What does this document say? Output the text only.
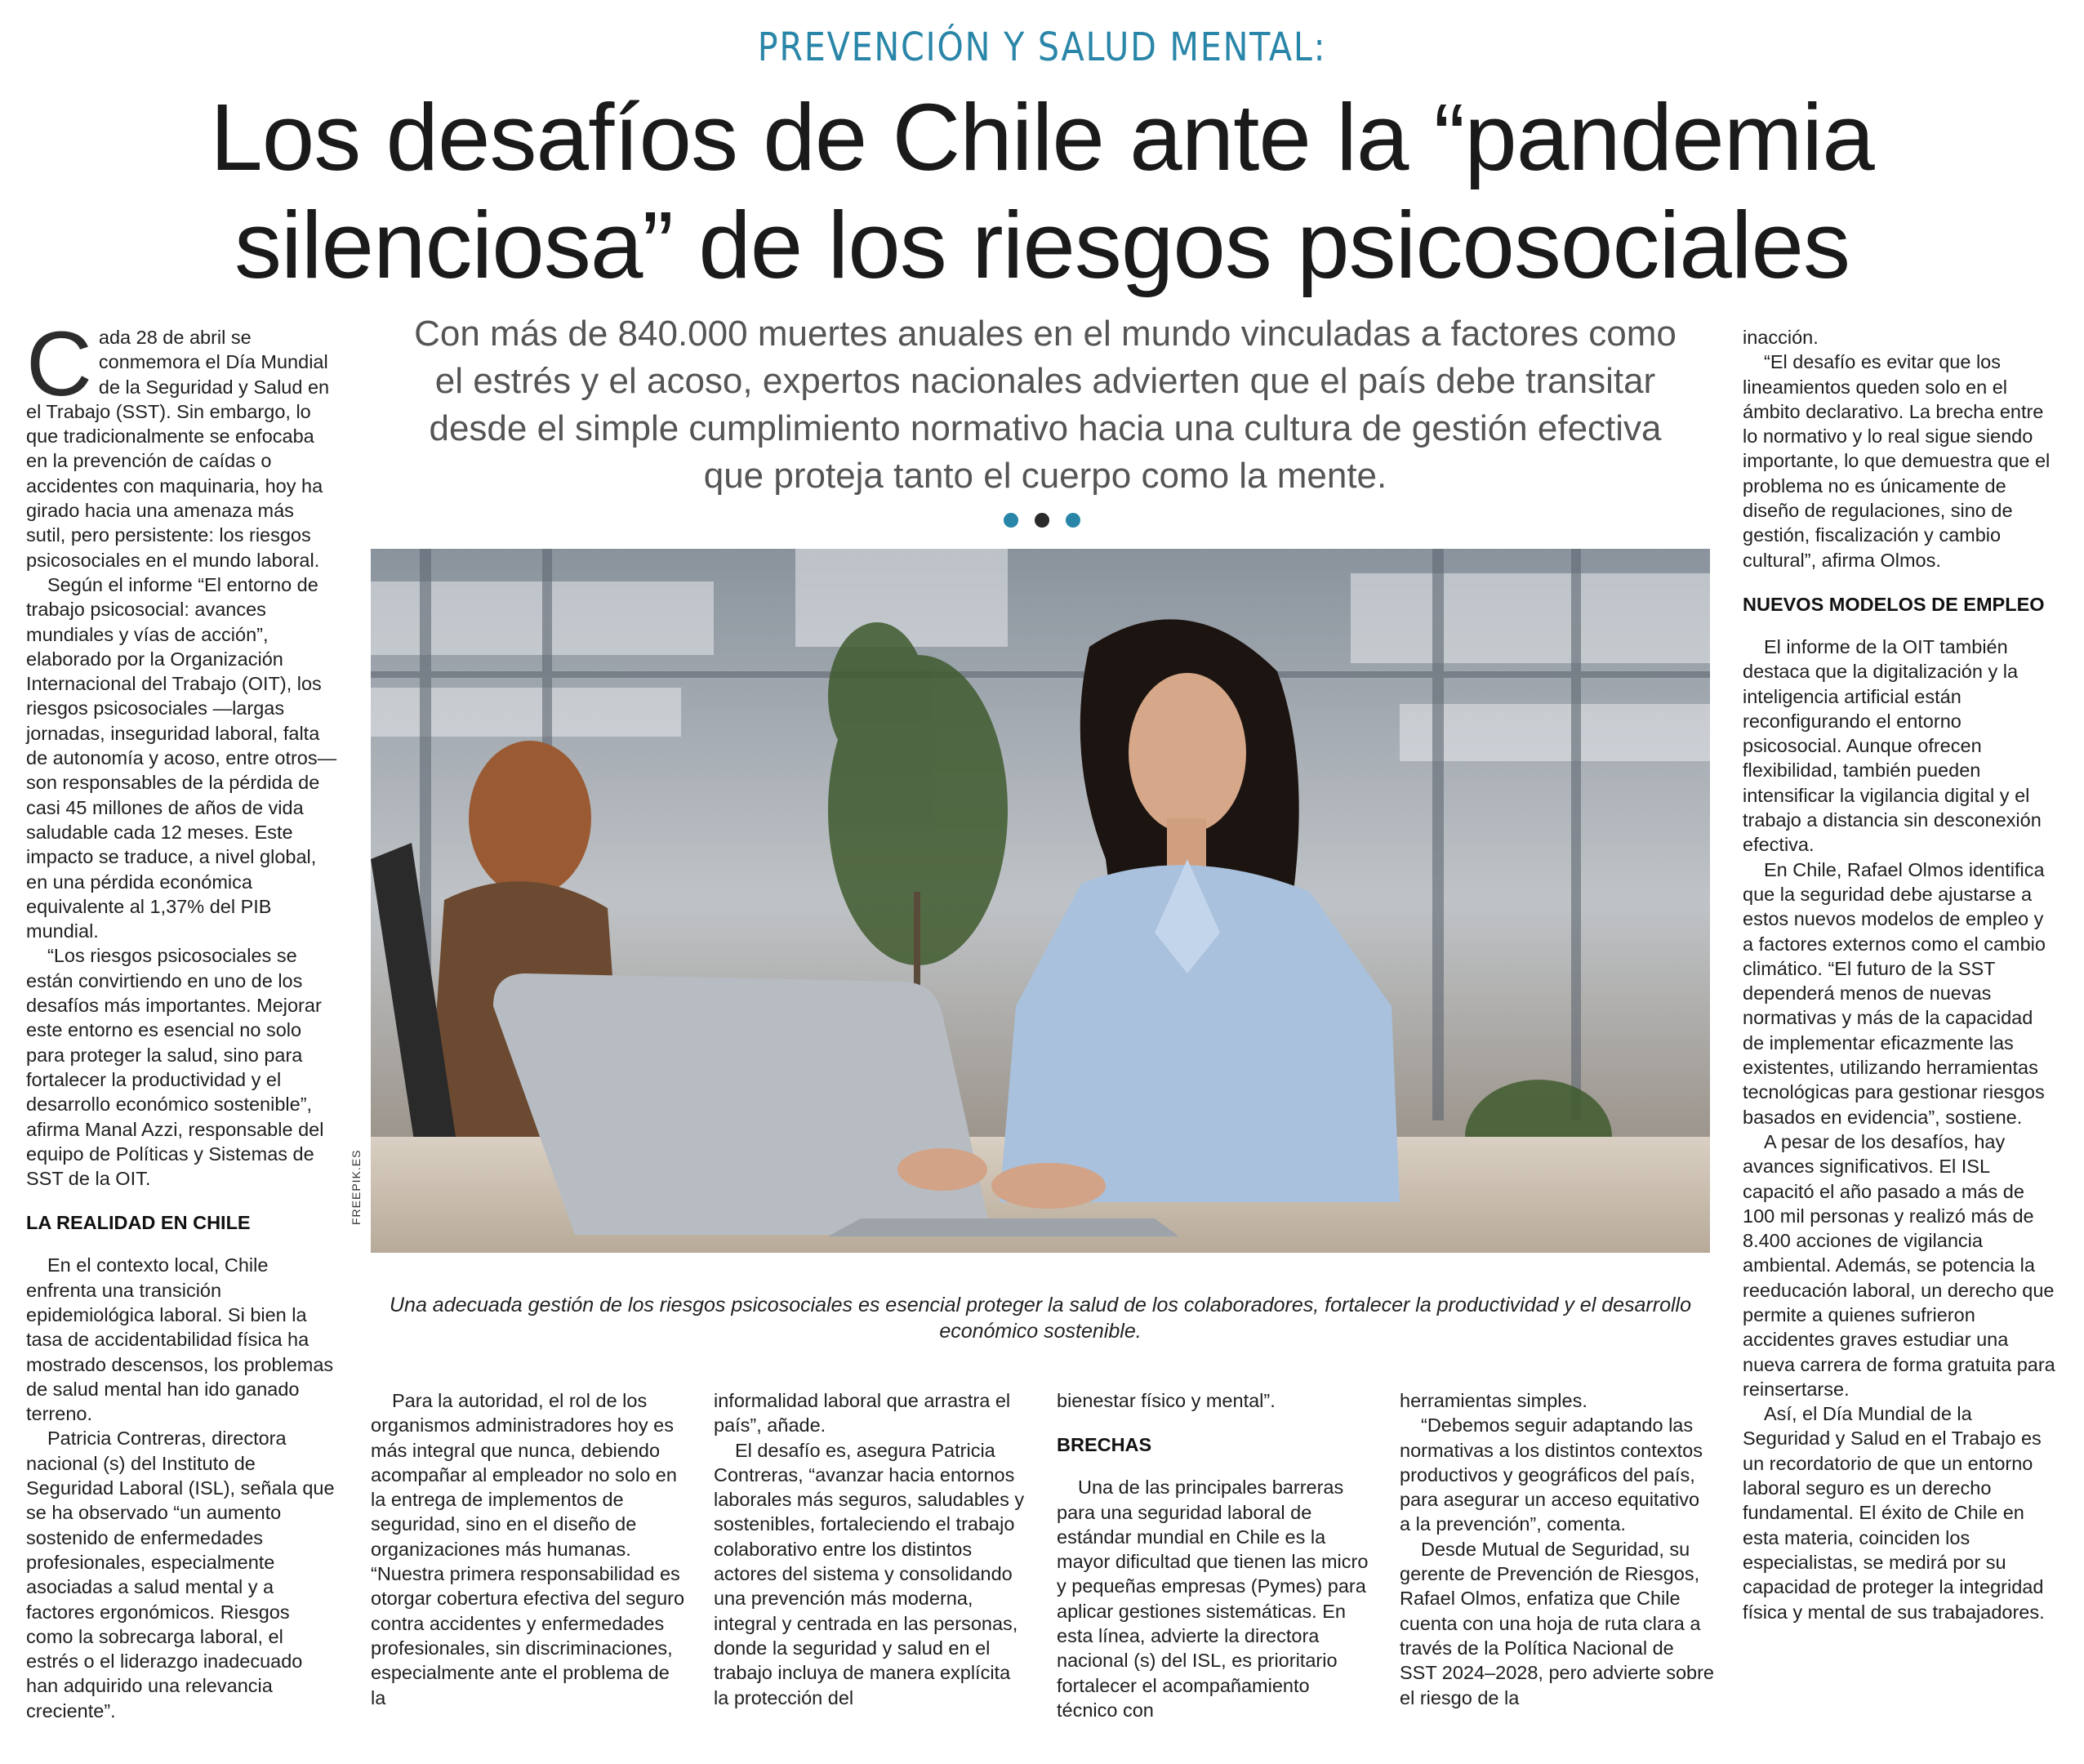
PREVENCIÓN Y SALUD MENTAL:
Los desafíos de Chile ante la “pandemia
silenciosa” de los riesgos psicosociales
Con más de 840.000 muertes anuales en el mundo vinculadas a factores como
el estrés y el acoso, expertos nacionales advierten que el país debe transitar
desde el simple cumplimiento normativo hacia una cultura de gestión efectiva
que proteja tanto el cuerpo como la mente.

Cada 28 de abril se conmemora el Día Mundial de la Seguridad y Salud en el Trabajo (SST). Sin embargo, lo que tradicionalmente se enfocaba en la prevención de caídas o accidentes con maquinaria, hoy ha girado hacia una amenaza más sutil, pero persistente: los riesgos psicosociales en el mundo laboral.

Según el informe “El entorno de trabajo psicosocial: avances mundiales y vías de acción”, elaborado por la Organización Internacional del Trabajo (OIT), los riesgos psicosociales —largas jornadas, inseguridad laboral, falta de autonomía y acoso, entre otros— son responsables de la pérdida de casi 45 millones de años de vida saludable cada 12 meses. Este impacto se traduce, a nivel global, en una pérdida económica equivalente al 1,37% del PIB mundial.

“Los riesgos psicosociales se están convirtiendo en uno de los desafíos más importantes. Mejorar este entorno es esencial no solo para proteger la salud, sino para fortalecer la productividad y el desarrollo económico sostenible”, afirma Manal Azzi, responsable del equipo de Políticas y Sistemas de SST de la OIT.

LA REALIDAD EN CHILE

En el contexto local, Chile enfrenta una transición epidemiológica laboral. Si bien la tasa de accidentabilidad física ha mostrado descensos, los problemas de salud mental han ido ganado terreno.

Patricia Contreras, directora nacional (s) del Instituto de Seguridad Laboral (ISL), señala que se ha observado “un aumento sostenido de enfermedades profesionales, especialmente asociadas a salud mental y a factores ergonómicos. Riesgos como la sobrecarga laboral, el estrés o el liderazgo inadecuado han adquirido una relevancia creciente”.

FREEPIK.ES
Una adecuada gestión de los riesgos psicosociales es esencial proteger la salud de los colaboradores, fortalecer la productividad y el desarrollo económico sostenible.

Para la autoridad, el rol de los organismos administradores hoy es más integral que nunca, debiendo acompañar al empleador no solo en la entrega de implementos de seguridad, sino en el diseño de organizaciones más humanas. “Nuestra primera responsabilidad es otorgar cobertura efectiva del seguro contra accidentes y enfermedades profesionales, sin discriminaciones, especialmente ante el problema de la

informalidad laboral que arrastra el país”, añade.

El desafío es, asegura Patricia Contreras, “avanzar hacia entornos laborales más seguros, saludables y sostenibles, fortaleciendo el trabajo colaborativo entre los distintos actores del sistema y consolidando una prevención más moderna, integral y centrada en las personas, donde la seguridad y salud en el trabajo incluya de manera explícita la protección del

bienestar físico y mental”.

BRECHAS

Una de las principales barreras para una seguridad laboral de estándar mundial en Chile es la mayor dificultad que tienen las micro y pequeñas empresas (Pymes) para aplicar gestiones sistemáticas. En esta línea, advierte la directora nacional (s) del ISL, es prioritario fortalecer el acompañamiento técnico con

herramientas simples.

“Debemos seguir adaptando las normativas a los distintos contextos productivos y geográficos del país, para asegurar un acceso equitativo a la prevención”, comenta.

Desde Mutual de Seguridad, su gerente de Prevención de Riesgos, Rafael Olmos, enfatiza que Chile cuenta con una hoja de ruta clara a través de la Política Nacional de SST 2024–2028, pero advierte sobre el riesgo de la

inacción.

“El desafío es evitar que los lineamientos queden solo en el ámbito declarativo. La brecha entre lo normativo y lo real sigue siendo importante, lo que demuestra que el problema no es únicamente de diseño de regulaciones, sino de gestión, fiscalización y cambio cultural”, afirma Olmos.

NUEVOS MODELOS DE EMPLEO

El informe de la OIT también destaca que la digitalización y la inteligencia artificial están reconfigurando el entorno psicosocial. Aunque ofrecen flexibilidad, también pueden intensificar la vigilancia digital y el trabajo a distancia sin desconexión efectiva.

En Chile, Rafael Olmos identifica que la seguridad debe ajustarse a estos nuevos modelos de empleo y a factores externos como el cambio climático. “El futuro de la SST dependerá menos de nuevas normativas y más de la capacidad de implementar eficazmente las existentes, utilizando herramientas tecnológicas para gestionar riesgos basados en evidencia”, sostiene.

A pesar de los desafíos, hay avances significativos. El ISL capacitó el año pasado a más de 100 mil personas y realizó más de 8.400 acciones de vigilancia ambiental. Además, se potencia la reeducación laboral, un derecho que permite a quienes sufrieron accidentes graves estudiar una nueva carrera de forma gratuita para reinsertarse.

Así, el Día Mundial de la Seguridad y Salud en el Trabajo es un recordatorio de que un entorno laboral seguro es un derecho fundamental. El éxito de Chile en esta materia, coinciden los especialistas, se medirá por su capacidad de proteger la integridad física y mental de sus trabajadores.
